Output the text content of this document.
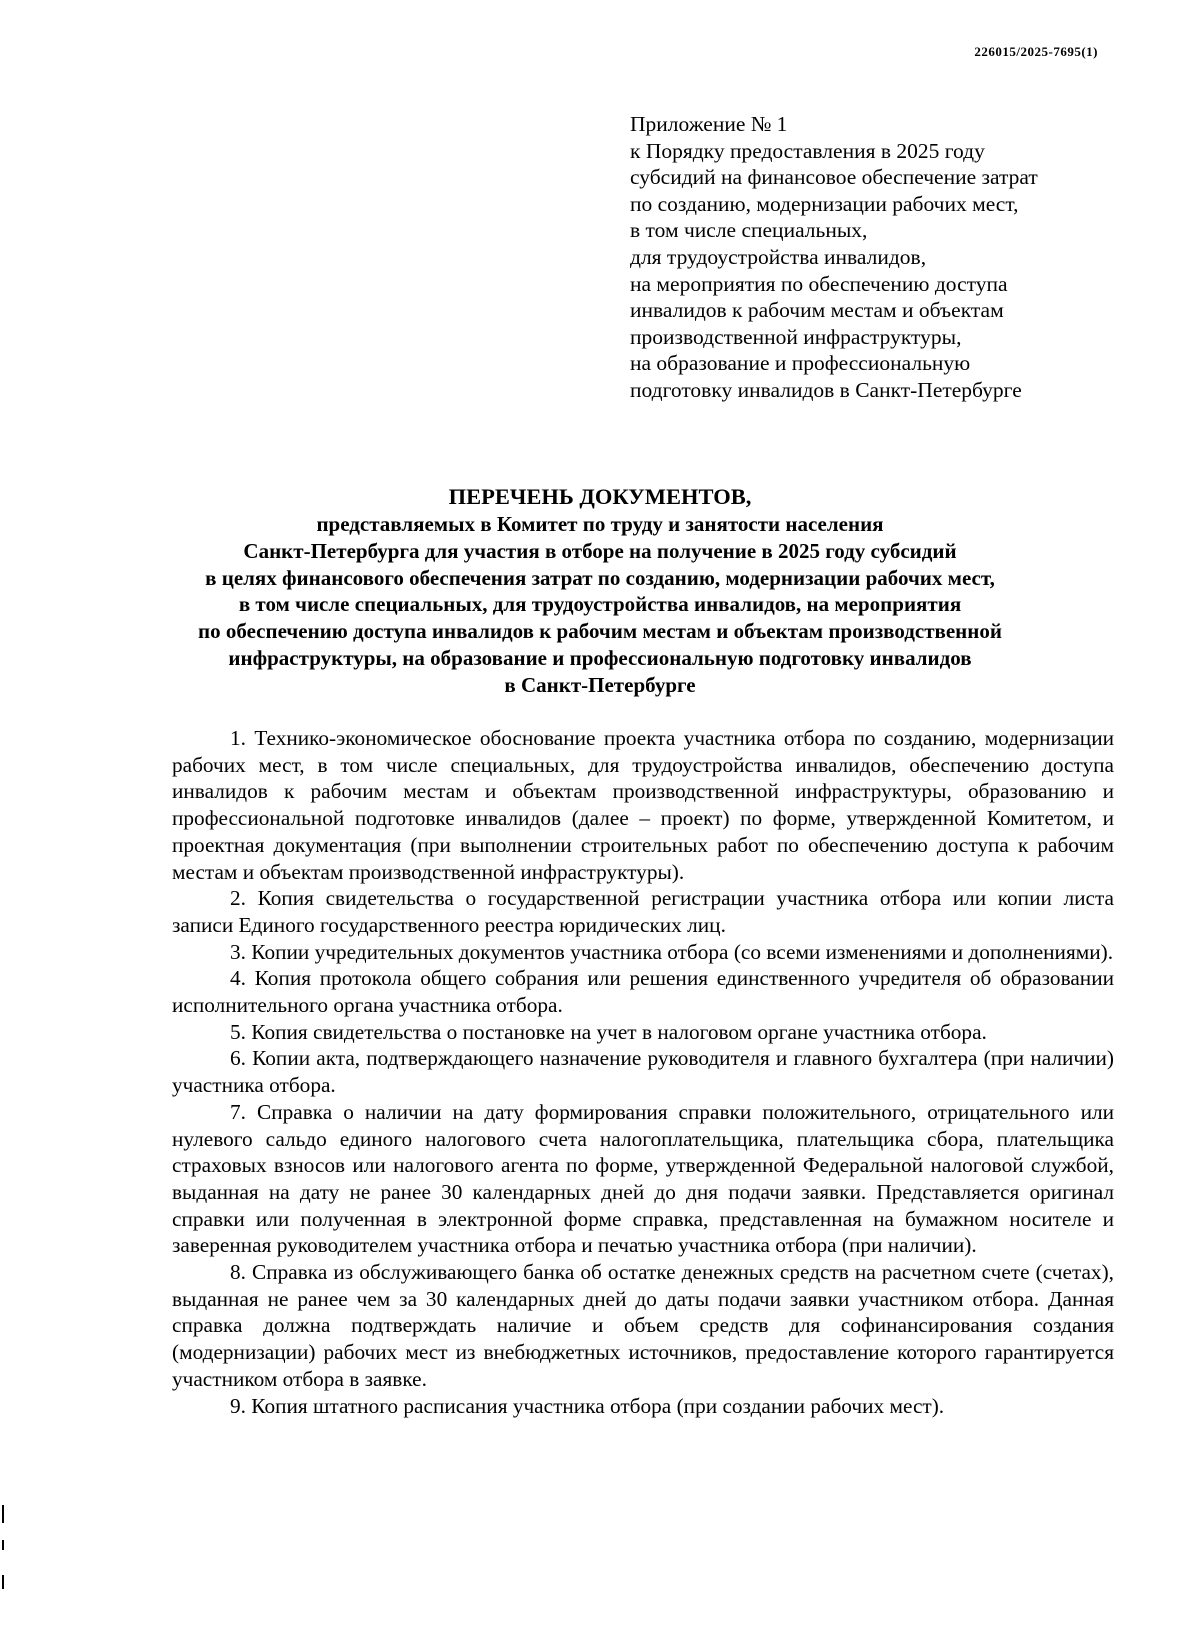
226015/2025-7695(1)
Приложение № 1
к Порядку предоставления в 2025 году
субсидий на финансовое обеспечение затрат
по созданию, модернизации рабочих мест,
в том числе специальных,
для трудоустройства инвалидов,
на мероприятия по обеспечению доступа
инвалидов к рабочим местам и объектам
производственной инфраструктуры,
на образование и профессиональную
подготовку инвалидов в Санкт-Петербурге
ПЕРЕЧЕНЬ ДОКУМЕНТОВ,
представляемых в Комитет по труду и занятости населения
Санкт-Петербурга для участия в отборе на получение в 2025 году субсидий
в целях финансового обеспечения затрат по созданию, модернизации рабочих мест,
в том числе специальных, для трудоустройства инвалидов, на мероприятия
по обеспечению доступа инвалидов к рабочим местам и объектам производственной
инфраструктуры, на образование и профессиональную подготовку инвалидов
в Санкт-Петербурге

1. Технико-экономическое обоснование проекта участника отбора по созданию, модернизации рабочих мест, в том числе специальных, для трудоустройства инвалидов, обеспечению доступа инвалидов к рабочим местам и объектам производственной инфраструктуры, образованию и профессиональной подготовке инвалидов (далее – проект) по форме, утвержденной Комитетом, и проектная документация (при выполнении строительных работ по обеспечению доступа к рабочим местам и объектам производственной инфраструктуры).

2. Копия свидетельства о государственной регистрации участника отбора или копии листа записи Единого государственного реестра юридических лиц.

3. Копии учредительных документов участника отбора (со всеми изменениями и дополнениями).

4. Копия протокола общего собрания или решения единственного учредителя об образовании исполнительного органа участника отбора.

5. Копия свидетельства о постановке на учет в налоговом органе участника отбора.

6. Копии акта, подтверждающего назначение руководителя и главного бухгалтера (при наличии) участника отбора.

7. Справка о наличии на дату формирования справки положительного, отрицательного или нулевого сальдо единого налогового счета налогоплательщика, плательщика сбора, плательщика страховых взносов или налогового агента по форме, утвержденной Федеральной налоговой службой, выданная на дату не ранее 30 календарных дней до дня подачи заявки. Представляется оригинал справки или полученная в электронной форме справка, представленная на бумажном носителе и заверенная руководителем участника отбора и печатью участника отбора (при наличии).

8. Справка из обслуживающего банка об остатке денежных средств на расчетном счете (счетах), выданная не ранее чем за 30 календарных дней до даты подачи заявки участником отбора. Данная справка должна подтверждать наличие и объем средств для софинансирования создания (модернизации) рабочих мест из внебюджетных источников, предоставление которого гарантируется участником отбора в заявке.

9. Копия штатного расписания участника отбора (при создании рабочих мест).
